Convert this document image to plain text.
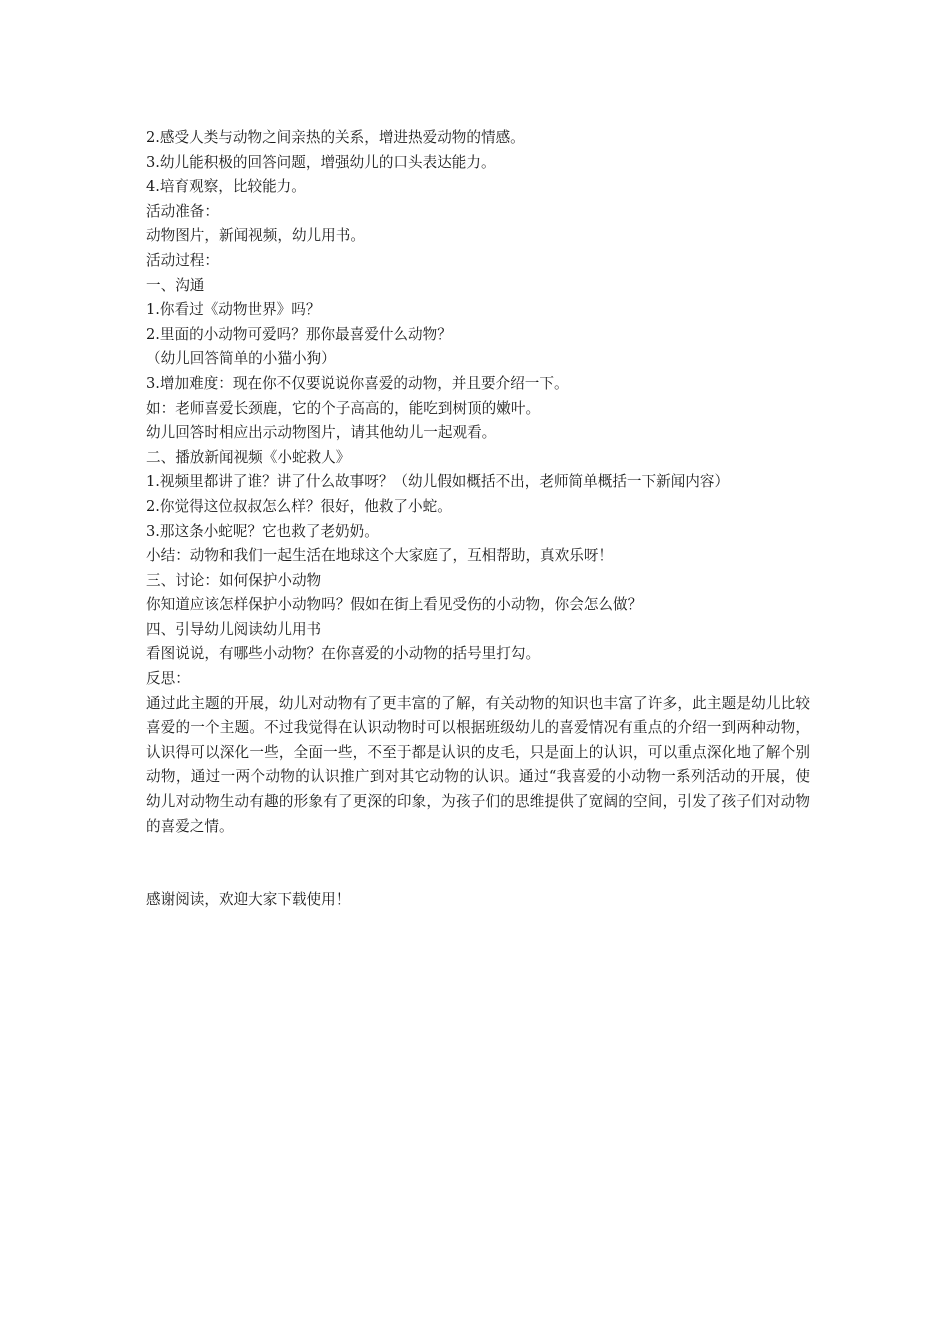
2.感受人类与动物之间亲热的关系，增进热爱动物的情感。

3.幼儿能积极的回答问题，增强幼儿的口头表达能力。

4.培育观察，比较能力。

活动准备：

动物图片，新闻视频，幼儿用书。

活动过程：

一、沟通

1.你看过《动物世界》吗？

2.里面的小动物可爱吗？那你最喜爱什么动物？

（幼儿回答简单的小猫小狗）

3.增加难度：现在你不仅要说说你喜爱的动物，并且要介绍一下。

如：老师喜爱长颈鹿，它的个子高高的，能吃到树顶的嫩叶。

幼儿回答时相应出示动物图片，请其他幼儿一起观看。

二、播放新闻视频《小蛇救人》

1.视频里都讲了谁？讲了什么故事呀？（幼儿假如概括不出，老师简单概括一下新闻内容）

2.你觉得这位叔叔怎么样？很好，他救了小蛇。

3.那这条小蛇呢？它也救了老奶奶。

小结：动物和我们一起生活在地球这个大家庭了，互相帮助，真欢乐呀！

三、讨论：如何保护小动物

你知道应该怎样保护小动物吗？假如在街上看见受伤的小动物，你会怎么做？

四、引导幼儿阅读幼儿用书

看图说说，有哪些小动物？在你喜爱的小动物的括号里打勾。

反思：

通过此主题的开展，幼儿对动物有了更丰富的了解，有关动物的知识也丰富了许多，此主题是幼儿比较喜爱的一个主题。不过我觉得在认识动物时可以根据班级幼儿的喜爱情况有重点的介绍一到两种动物，认识得可以深化一些，全面一些，不至于都是认识的皮毛，只是面上的认识，可以重点深化地了解个别动物，通过一两个动物的认识推广到对其它动物的认识。通过“我喜爱的小动物一系列活动的开展，使幼儿对动物生动有趣的形象有了更深的印象，为孩子们的思维提供了宽阔的空间，引发了孩子们对动物的喜爱之情。

感谢阅读，欢迎大家下载使用！
